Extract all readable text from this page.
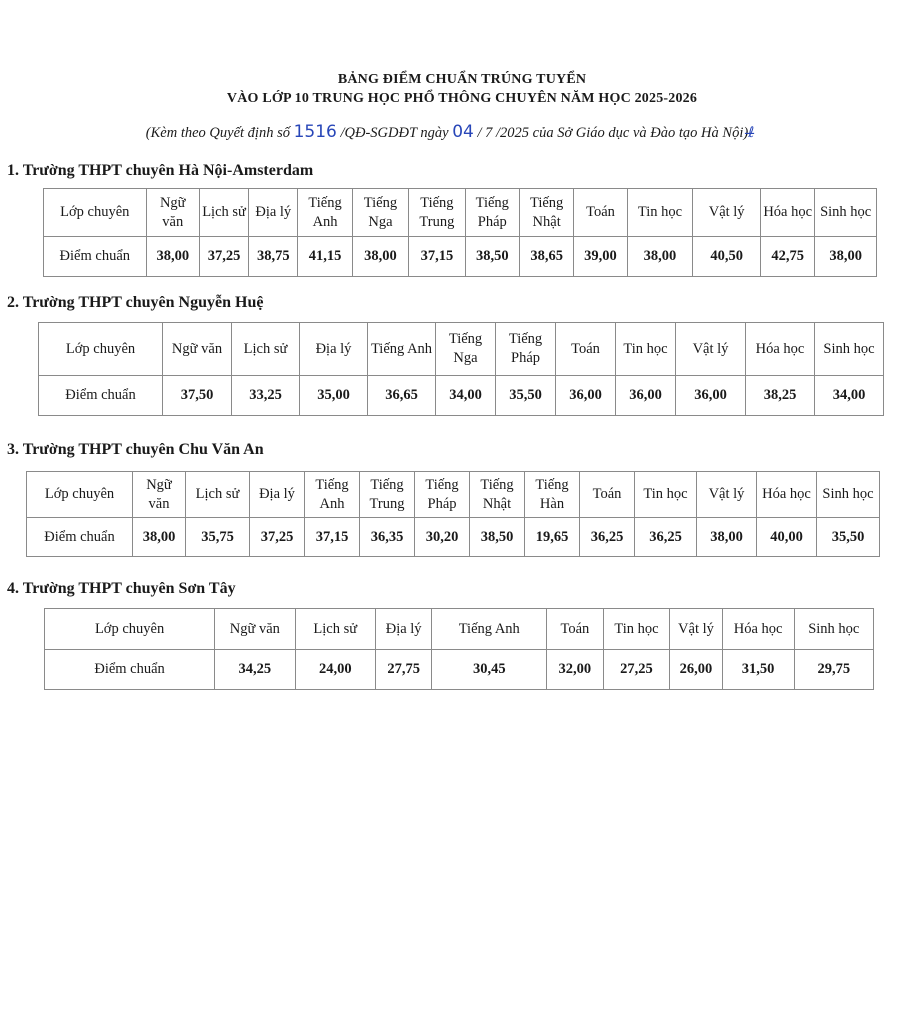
BẢNG ĐIỂM CHUẨN TRÚNG TUYỂN
VÀO LỚP 10 TRUNG HỌC PHỔ THÔNG CHUYÊN NĂM HỌC 2025-2026
(Kèm theo Quyết định số 1516 /QĐ-SGDĐT ngày 04 / 7 /2025 của Sở Giáo dục và Đào tạo Hà Nội)ℓ̶
1. Trường THPT chuyên Hà Nội-Amsterdam
Lớp chuyên	Ngữ văn	Lịch sử	Địa lý	Tiếng Anh	Tiếng Nga	Tiếng Trung	Tiếng Pháp	Tiếng Nhật	Toán	Tin học	Vật lý	Hóa học	Sinh học
Điểm chuẩn	38,00	37,25	38,75	41,15	38,00	37,15	38,50	38,65	39,00	38,00	40,50	42,75	38,00
2. Trường THPT chuyên Nguyễn Huệ
Lớp chuyên	Ngữ văn	Lịch sử	Địa lý	Tiếng Anh	Tiếng Nga	Tiếng Pháp	Toán	Tin học	Vật lý	Hóa học	Sinh học
Điểm chuẩn	37,50	33,25	35,00	36,65	34,00	35,50	36,00	36,00	36,00	38,25	34,00
3. Trường THPT chuyên Chu Văn An
Lớp chuyên	Ngữ văn	Lịch sử	Địa lý	Tiếng Anh	Tiếng Trung	Tiếng Pháp	Tiếng Nhật	Tiếng Hàn	Toán	Tin học	Vật lý	Hóa học	Sinh học
Điểm chuẩn	38,00	35,75	37,25	37,15	36,35	30,20	38,50	19,65	36,25	36,25	38,00	40,00	35,50
4. Trường THPT chuyên Sơn Tây
Lớp chuyên	Ngữ văn	Lịch sử	Địa lý	Tiếng Anh	Toán	Tin học	Vật lý	Hóa học	Sinh học
Điểm chuẩn	34,25	24,00	27,75	30,45	32,00	27,25	26,00	31,50	29,75
